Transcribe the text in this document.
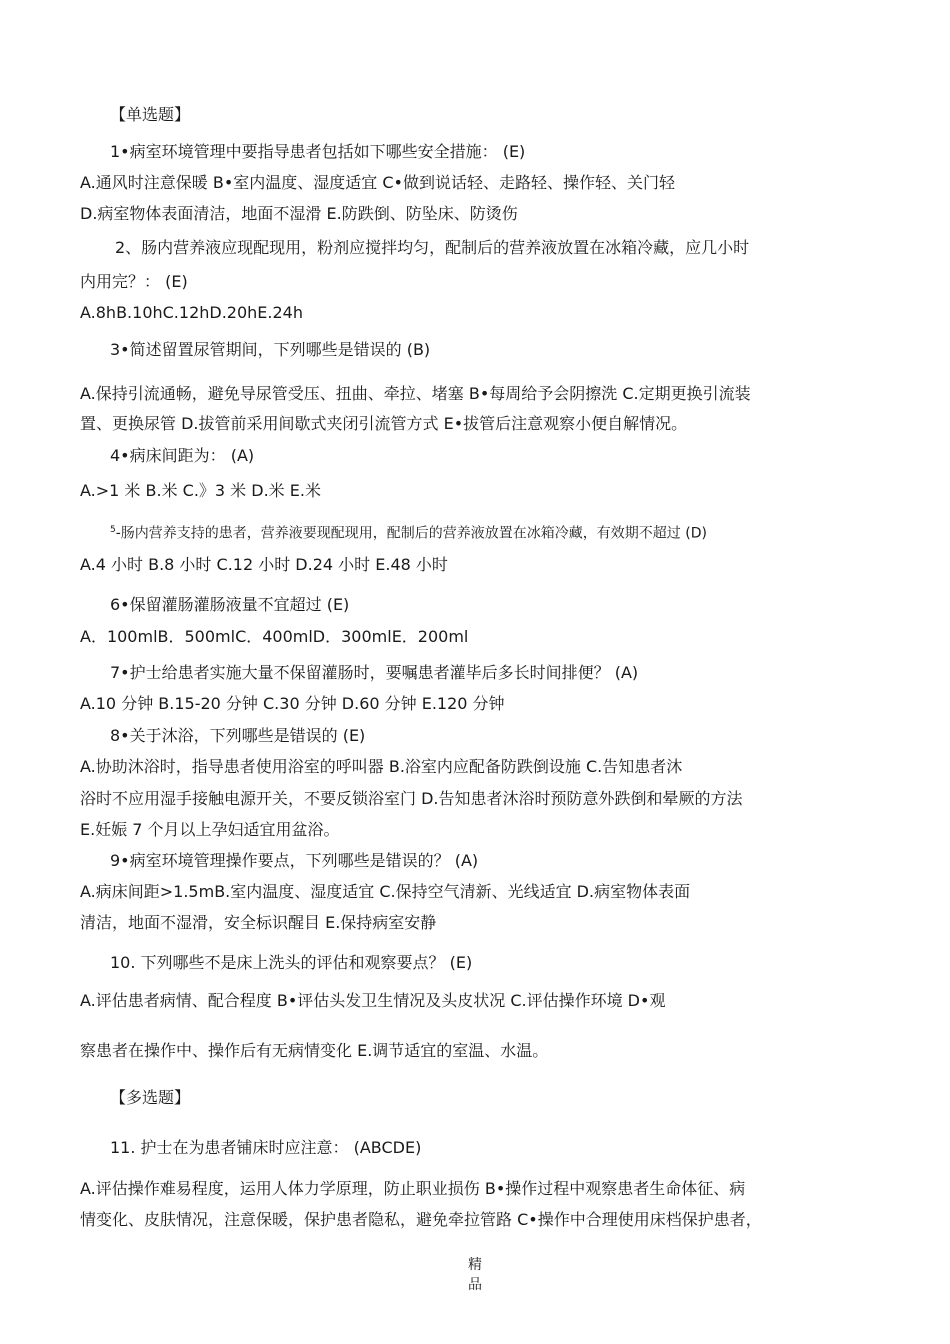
【单选题】
1•病室环境管理中要指导患者包括如下哪些安全措施： (E)
A.通风时注意保暖 B•室内温度、湿度适宜 C•做到说话轻、走路轻、操作轻、关门轻
D.病室物体表面清洁，地面不湿滑 E.防跌倒、防坠床、防烫伤
2、肠内营养液应现配现用，粉剂应搅拌均匀，配制后的营养液放置在冰箱冷藏，应几小时
内用完？： (E)
A.8hB.10hC.12hD.20hE.24h
3•简述留置尿管期间，下列哪些是错误的 (B)
A.保持引流通畅，避免导尿管受压、扭曲、牵拉、堵塞 B•每周给予会阴擦洗 C.定期更换引流装
置、更换尿管 D.拔管前采用间歇式夹闭引流管方式 E•拔管后注意观察小便自解情况。
4•病床间距为： (A)
A.>1 米 B.米 C.》3 米 D.米 E.米
$^5$-肠内营养支持的患者，营养液要现配现用，配制后的营养液放置在冰箱冷藏，有效期不超过 (D)
A.4 小时 B.8 小时 C.12 小时 D.24 小时 E.48 小时
6•保留灌肠灌肠液量不宜超过 (E)
A．100mlB．500mlC．400mlD．300mlE．200ml
7•护士给患者实施大量不保留灌肠时，要嘱患者灌毕后多长时间排便？ (A)
A.10 分钟 B.15-20 分钟 C.30 分钟 D.60 分钟 E.120 分钟
8•关于沐浴，下列哪些是错误的 (E)
A.协助沐浴时，指导患者使用浴室的呼叫器 B.浴室内应配备防跌倒设施 C.告知患者沐
浴时不应用湿手接触电源开关，不要反锁浴室门 D.告知患者沐浴时预防意外跌倒和晕厥的方法
E.妊娠 7 个月以上孕妇适宜用盆浴。
9•病室环境管理操作要点，下列哪些是错误的？ (A)
A.病床间距>1.5mB.室内温度、湿度适宜 C.保持空气清新、光线适宜 D.病室物体表面
清洁，地面不湿滑，安全标识醒目 E.保持病室安静
10. 下列哪些不是床上洗头的评估和观察要点？ (E)
A.评估患者病情、配合程度 B•评估头发卫生情况及头皮状况 C.评估操作环境 D•观
察患者在操作中、操作后有无病情变化 E.调节适宜的室温、水温。
【多选题】
11. 护士在为患者铺床时应注意： (ABCDE)
A.评估操作难易程度，运用人体力学原理，防止职业损伤 B•操作过程中观察患者生命体征、病
情变化、皮肤情况，注意保暖，保护患者隐私，避免牵拉管路 C•操作中合理使用床档保护患者，
精
品
